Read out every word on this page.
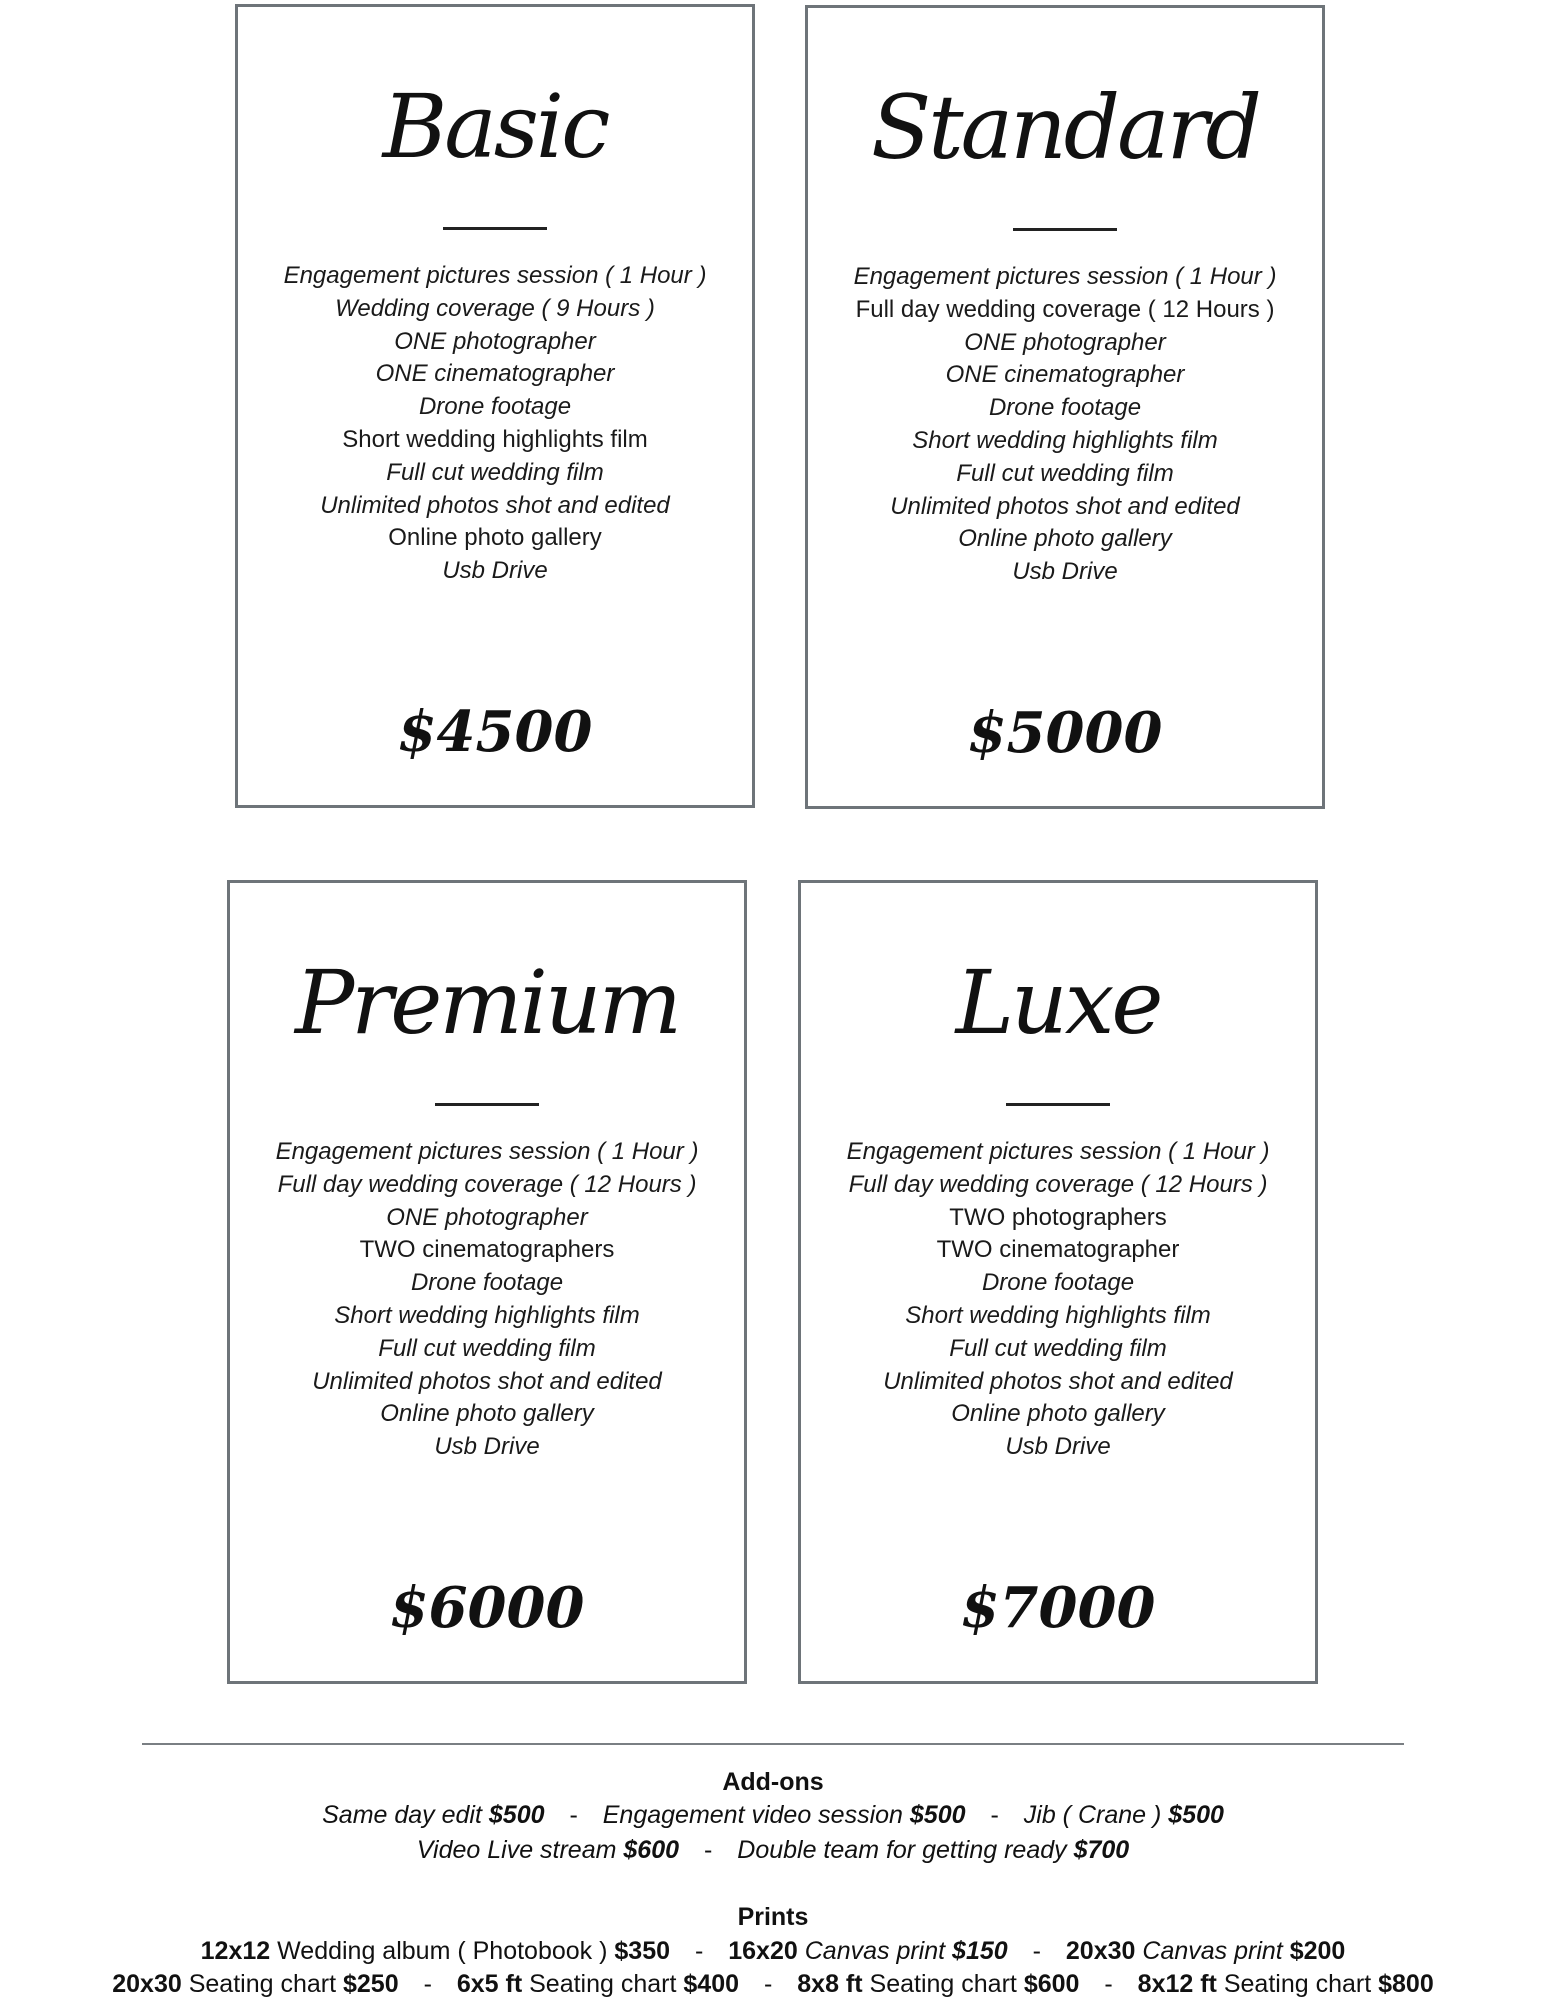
Basic
Engagement pictures session ( 1 Hour )
Wedding coverage ( 9 Hours )
ONE photographer
ONE cinematographer
Drone footage
Short wedding highlights film
Full cut wedding film
Unlimited photos shot and edited
Online photo gallery
Usb Drive
$4500
Standard
Engagement pictures session ( 1 Hour )
Full day wedding coverage ( 12 Hours )
ONE photographer
ONE cinematographer
Drone footage
Short wedding highlights film
Full cut wedding film
Unlimited photos shot and edited
Online photo gallery
Usb Drive
$5000
Premium
Engagement pictures session ( 1 Hour )
Full day wedding coverage ( 12 Hours )
ONE photographer
TWO cinematographers
Drone footage
Short wedding highlights film
Full cut wedding film
Unlimited photos shot and edited
Online photo gallery
Usb Drive
$6000
Luxe
Engagement pictures session ( 1 Hour )
Full day wedding coverage ( 12 Hours )
TWO photographers
TWO cinematographer
Drone footage
Short wedding highlights film
Full cut wedding film
Unlimited photos shot and edited
Online photo gallery
Usb Drive
$7000
Add-ons
Same day edit $500 - Engagement video session $500 - Jib ( Crane ) $500
Video Live stream $600 - Double team for getting ready $700
Prints
12x12 Wedding album ( Photobook ) $350 - 16x20 Canvas print $150 - 20x30 Canvas print $200
20x30 Seating chart $250 - 6x5 ft Seating chart $400 - 8x8 ft Seating chart $600 - 8x12 ft Seating chart $800
